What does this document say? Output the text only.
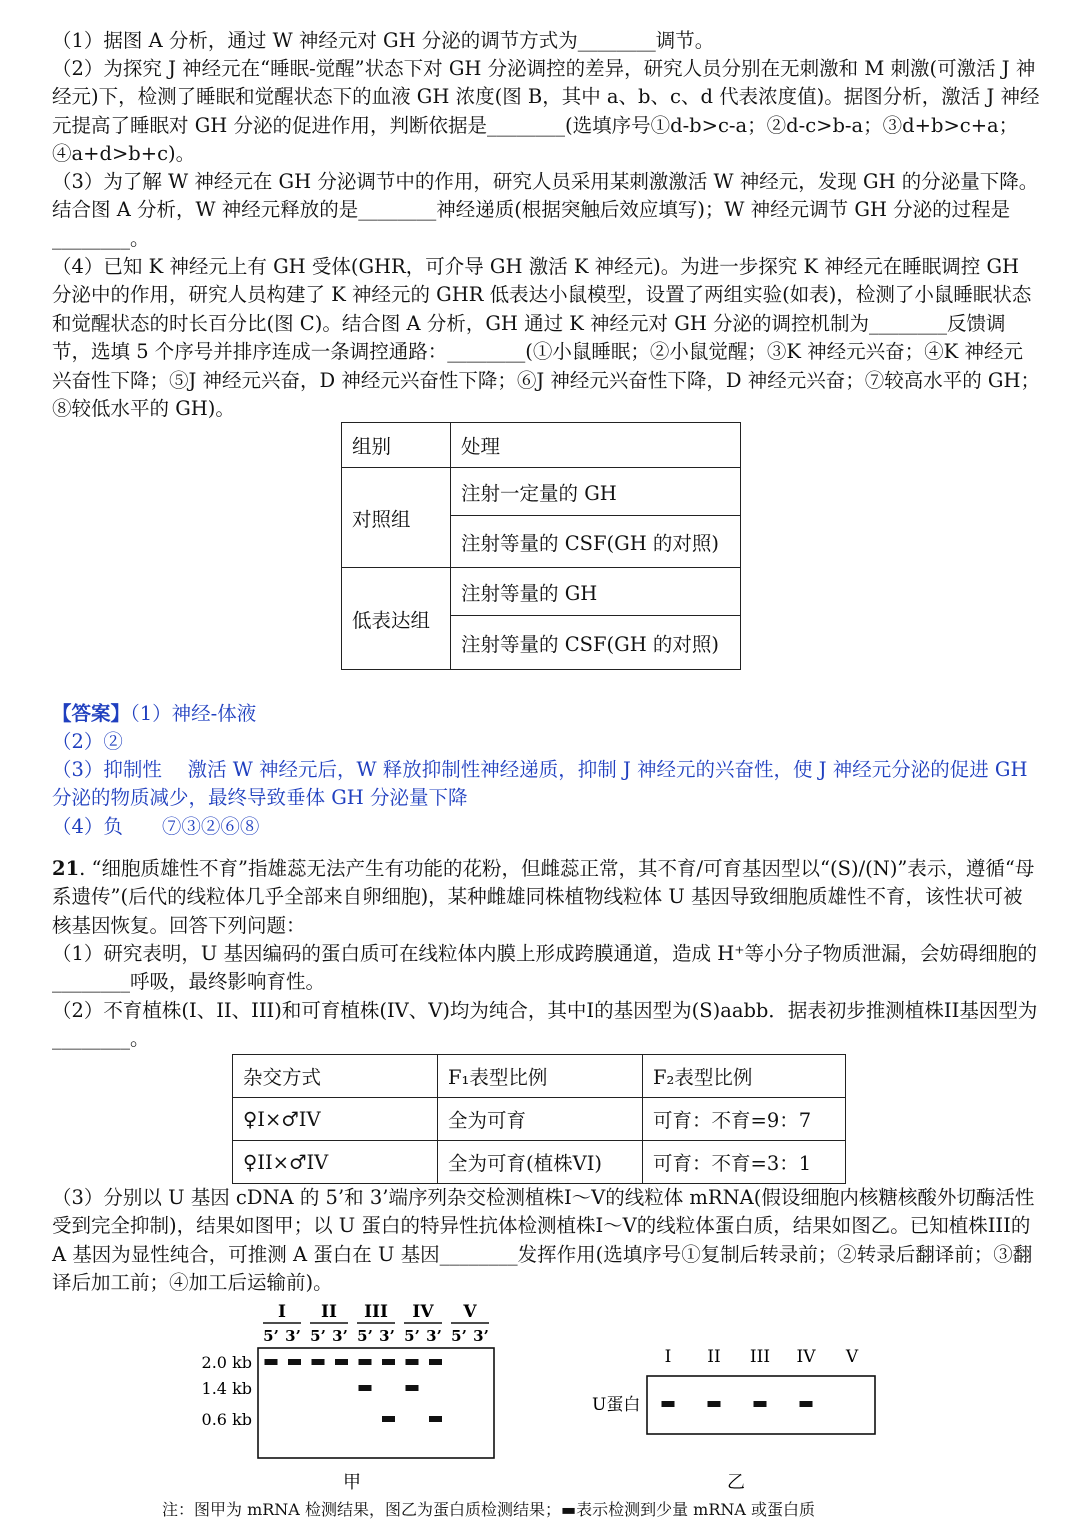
（1）据图 A 分析，通过 W 神经元对 GH 分泌的调节方式为________调节。

（2）为探究 J 神经元在“睡眠-觉醒”状态下对 GH 分泌调控的差异，研究人员分别在无刺激和 M 刺激(可激活 J 神经元)下，检测了睡眠和觉醒状态下的血液 GH 浓度(图 B，其中 a、b、c、d 代表浓度值)。据图分析，激活 J 神经元提高了睡眠对 GH 分泌的促进作用，判断依据是________(选填序号①d-b>c-a；②d-c>b-a；③d+b>c+a；④a+d>b+c)。

（3）为了解 W 神经元在 GH 分泌调节中的作用，研究人员采用某刺激激活 W 神经元，发现 GH 的分泌量下降。结合图 A 分析，W 神经元释放的是________神经递质(根据突触后效应填写)；W 神经元调节 GH 分泌的过程是________。

（4）已知 K 神经元上有 GH 受体(GHR，可介导 GH 激活 K 神经元)。为进一步探究 K 神经元在睡眠调控 GH 分泌中的作用，研究人员构建了 K 神经元的 GHR 低表达小鼠模型，设置了两组实验(如表)，检测了小鼠睡眠状态和觉醒状态的时长百分比(图 C)。结合图 A 分析，GH 通过 K 神经元对 GH 分泌的调控机制为________反馈调节，选填 5 个序号并排序连成一条调控通路：________(①小鼠睡眠；②小鼠觉醒；③K 神经元兴奋；④K 神经元兴奋性下降；⑤J 神经元兴奋，D 神经元兴奋性下降；⑥J 神经元兴奋性下降，D 神经元兴奋；⑦较高水平的 GH；⑧较低水平的 GH)。

组别	处理
对照组	注射一定量的 GH
	注射等量的 CSF(GH 的对照)
低表达组	注射等量的 GH
	注射等量的 CSF(GH 的对照)

【答案】（1）神经-体液

（2）②

（3）抑制性　 激活 W 神经元后，W 释放抑制性神经递质，抑制 J 神经元的兴奋性，使 J 神经元分泌的促进 GH 分泌的物质减少，最终导致垂体 GH 分泌量下降

（4）负　　⑦③②⑥⑧

21. “细胞质雄性不育”指雄蕊无法产生有功能的花粉，但雌蕊正常，其不育/可育基因型以“(S)/(N)”表示，遵循“母系遗传”(后代的线粒体几乎全部来自卵细胞)，某种雌雄同株植物线粒体 U 基因导致细胞质雄性不育，该性状可被核基因恢复。回答下列问题：

（1）研究表明，U 基因编码的蛋白质可在线粒体内膜上形成跨膜通道，造成 H⁺等小分子物质泄漏，会妨碍细胞的________呼吸，最终影响育性。

（2）不育植株(I、II、III)和可育植株(IV、V)均为纯合，其中I的基因型为(S)aabb．据表初步推测植株II基因型为________。

杂交方式	F₁表型比例	F₂表型比例
♀I×♂IV	全为可育	可育：不育=9：7
♀II×♂IV	全为可育(植株VI)	可育：不育=3：1

（3）分别以 U 基因 cDNA 的 5’和 3’端序列杂交检测植株I～V的线粒体 mRNA(假设细胞内核糖核酸外切酶活性受到完全抑制)，结果如图甲；以 U 蛋白的特异性抗体检测植株I～V的线粒体蛋白质，结果如图乙。已知植株III的 A 基因为显性纯合，可推测 A 蛋白在 U 基因________发挥作用(选填序号①复制后转录前；②转录后翻译前；③翻译后加工前；④加工后运输前)。

I
5’ 3’
II
5’ 3’
III
5’ 3’
IV
5’ 3’
V
5’ 3’
2.0 kb
1.4 kb
0.6 kb
甲
I II III IV V
U蛋白
乙
注：图甲为 mRNA 检测结果，图乙为蛋白质检测结果；▬表示检测到少量 mRNA 或蛋白质
